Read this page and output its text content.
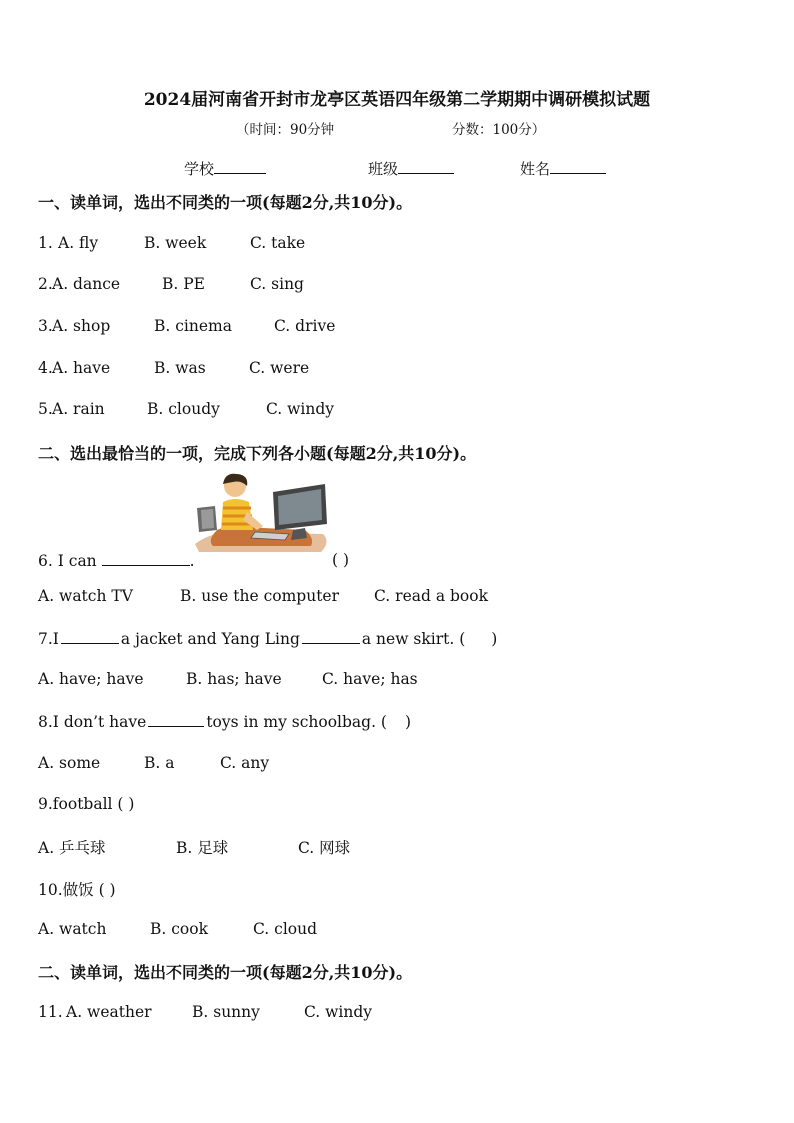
2024届河南省开封市龙亭区英语四年级第二学期期中调研模拟试题
（时间：90分钟	分数：100分）
学校	班级	姓名
一、读单词，选出不同类的一项(每题2分,共10分)。
1. A. fly	B. week	C. take
2. A. dance	B. PE	C. sing
3. A. shop	B. cinema	C. drive
4. A. have	B. was	C. were
5. A. rain	B. cloudy	C. windy
二、选出最恰当的一项，完成下列各小题(每题2分,共10分)。
6. I can	.	( )
A. watch TV	B. use the computer C. read a book
7.I	a jacket and Yang Ling	a new skirt. ( )
A. have; have	B. has; have	C. have; has
8.I don’t have	toys in my schoolbag. ( )
A. some	B. a	C. any
9.football ( )
A. 乒乓球	B. 足球	C. 网球
10.做饭 ( )
A. watch	B. cook	C. cloud
二、读单词，选出不同类的一项(每题2分,共10分)。
11. A. weather	B. sunny	C. windy
